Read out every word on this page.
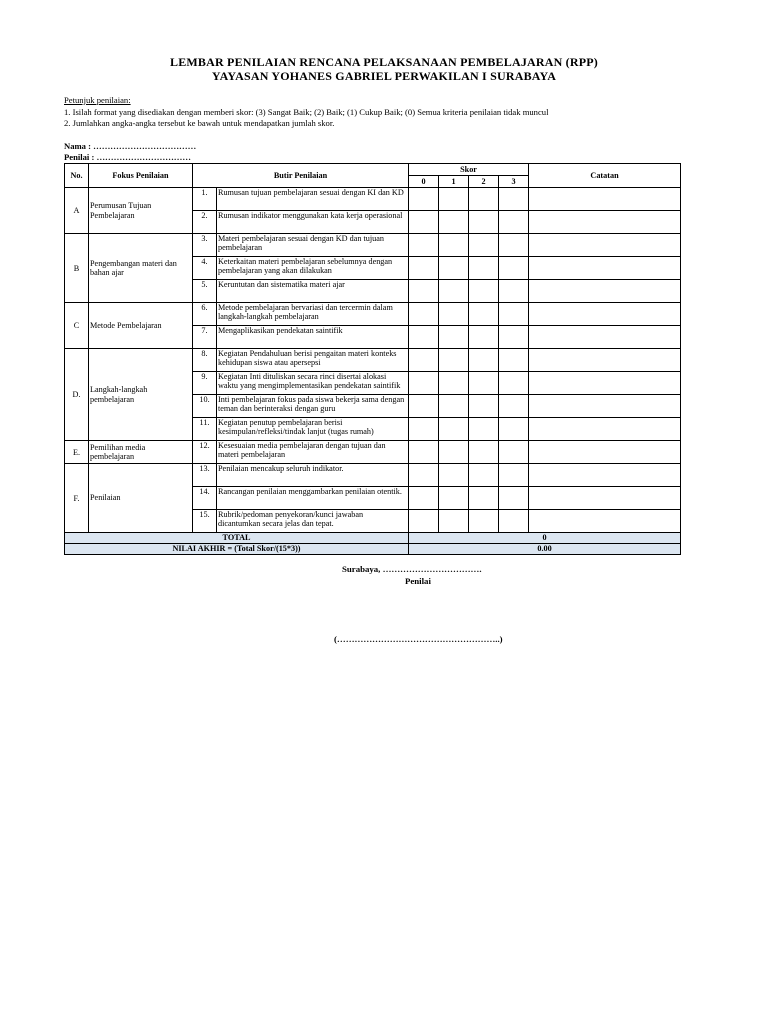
LEMBAR PENILAIAN RENCANA PELAKSANAAN PEMBELAJARAN (RPP)
YAYASAN YOHANES GABRIEL PERWAKILAN I SURABAYA
Petunjuk penilaian:
1. Isilah format yang disediakan dengan memberi skor: (3) Sangat Baik; (2) Baik; (1) Cukup Baik; (0) Semua kriteria penilaian tidak muncul
2. Jumlahkan angka-angka tersebut ke bawah untuk mendapatkan jumlah skor.
Nama : ………………………………
Penilai : ……………………………
No.	Fokus Penilaian	Butir Penilaian		Skor				Catatan
				0	1	2	3	
A	Perumusan Tujuan Pembelajaran	1.	Rumusan tujuan pembelajaran sesuai dengan KI dan KD					

		2.	Rumusan indikator menggunakan kata kerja operasional					

B	Pengembangan materi dan bahan ajar	3.	Materi pembelajaran sesuai dengan KD dan tujuan pembelajaran					

		4.	Keterkaitan materi pembelajaran sebelumnya dengan pembelajaran yang akan dilakukan					

		5.	Keruntutan dan sistematika materi ajar					

C	Metode Pembelajaran	6.	Metode pembelajaran bervariasi dan tercermin dalam langkah-langkah pembelajaran					

		7.	Mengaplikasikan pendekatan saintifik					

D.	Langkah-langkah pembelajaran	8.	Kegiatan Pendahuluan berisi pengaitan materi konteks kehidupan siswa atau apersepsi					

		9.	Kegiatan Inti dituliskan secara rinci disertai alokasi waktu yang mengimplementasikan pendekatan saintifik					

		10.	Inti pembelajaran fokus pada siswa bekerja sama dengan teman dan berinteraksi dengan guru					

		11.	Kegiatan penutup pembelajaran berisi kesimpulan/refleksi/tindak lanjut (tugas rumah)					

E.	Pemilihan media pembelajaran	12.	Kesesuaian media pembelajaran dengan tujuan dan materi pembelajaran					

F.	Penilaian	13.	Penilaian mencakup seluruh indikator.					

		14.	Rancangan penilaian menggambarkan penilaian otentik.					

		15.	Rubrik/pedoman penyekoran/kunci jawaban dicantumkan secara jelas dan tepat.					

TOTAL				0				
NILAI AKHIR = (Total Skor/(15*3))				0.00				
Surabaya, …………………………….
Penilai
(………………………………………………..)
